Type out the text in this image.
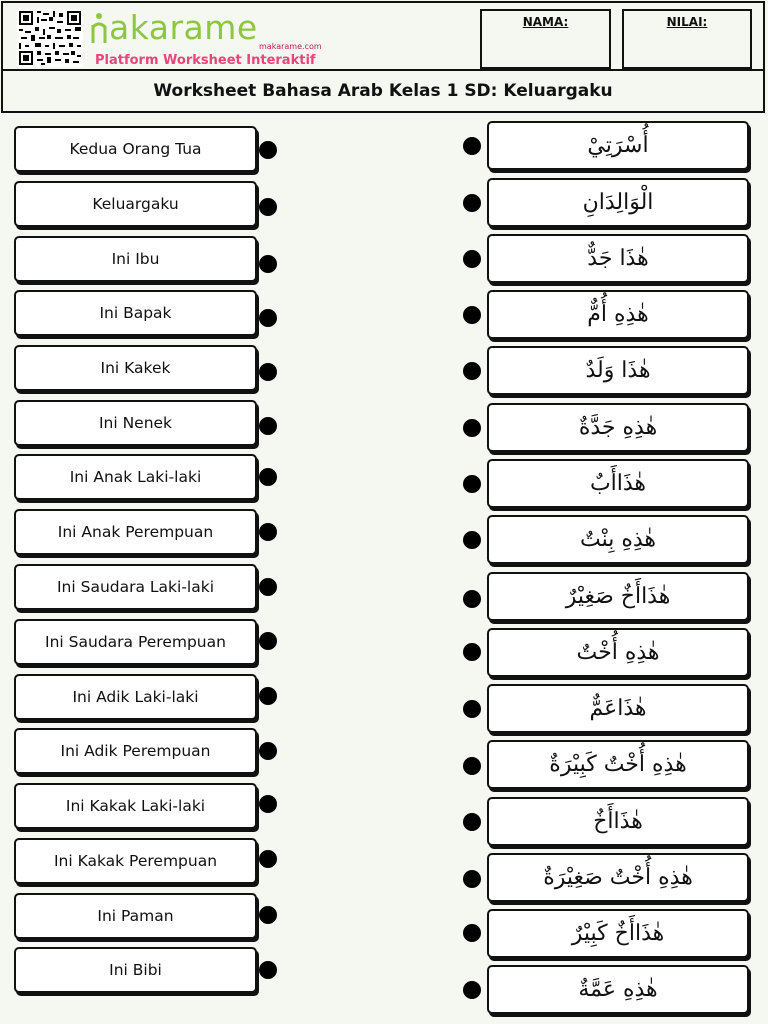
akarame makarame.com
Platform Worksheet Interaktif
NAMA:	NILAI:
Worksheet Bahasa Arab Kelas 1 SD: Keluargaku
Kedua Orang Tua
Keluargaku
Ini Ibu
Ini Bapak
Ini Kakek
Ini Nenek
Ini Anak Laki-laki
Ini Anak Perempuan
Ini Saudara Laki-laki
Ini Saudara Perempuan
Ini Adik Laki-laki
Ini Adik Perempuan
Ini Kakak Laki-laki
Ini Kakak Perempuan
Ini Paman
Ini Bibi
أُسْرَتِيْ
الْوَالِدَانِ
هٰذَا جَدٌّ
هٰذِهِ أُمٌّ
هٰذَا وَلَدٌ
هٰذِهِ جَدَّةٌ
هٰذَاأَبٌ
هٰذِهِ بِنْتٌ
هٰذَاأَخٌ صَغِيْرٌ
هٰذِهِ أُخْتٌ
هٰذَاعَمٌّ
هٰذِهِ أُخْتٌ كَبِيْرَةٌ
هٰذَاأَخٌ
هٰذِهِ أُخْتٌ صَغِيْرَةٌ
هٰذَاأَخٌ كَبِيْرٌ
هٰذِهِ عَمَّةٌ
